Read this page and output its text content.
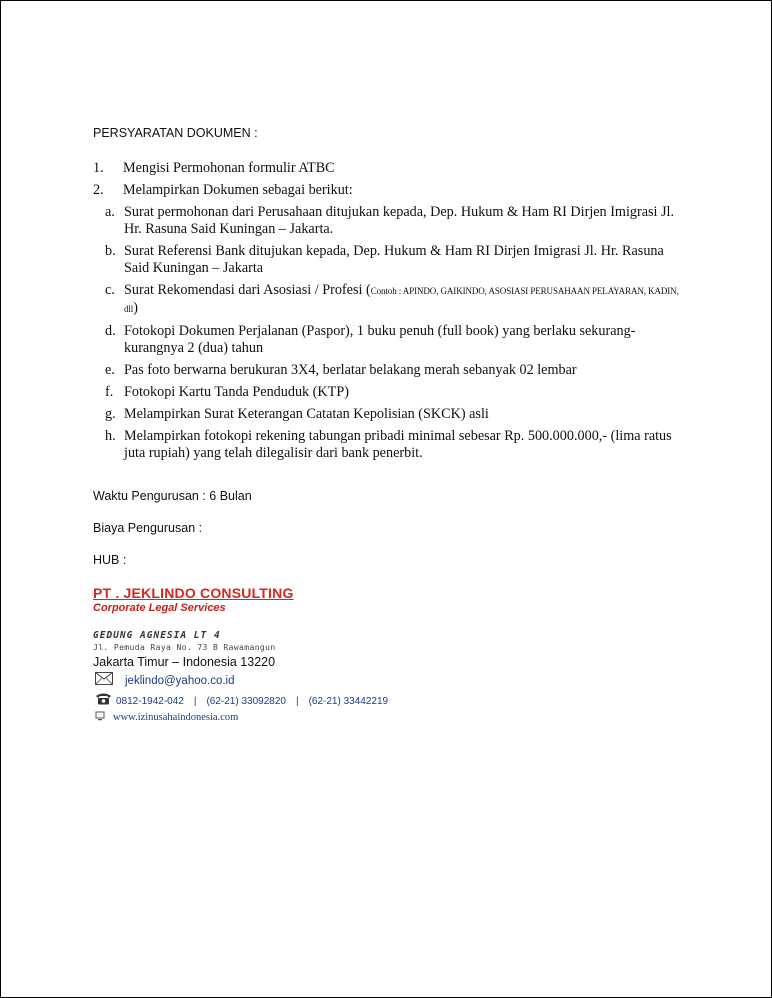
PERSYARATAN DOKUMEN :
1.	Mengisi Permohonan formulir ATBC
2.	Melampirkan Dokumen sebagai berikut:
a. Surat permohonan dari Perusahaan ditujukan kepada, Dep. Hukum & Ham RI Dirjen Imigrasi Jl. Hr. Rasuna Said Kuningan – Jakarta.
b. Surat Referensi Bank ditujukan kepada, Dep. Hukum & Ham RI Dirjen Imigrasi Jl. Hr. Rasuna Said Kuningan – Jakarta
c. Surat Rekomendasi dari Asosiasi / Profesi (Contoh : APINDO, GAIKINDO, ASOSIASI PERUSAHAAN PELAYARAN, KADIN, dll)
d. Fotokopi Dokumen Perjalanan (Paspor), 1 buku penuh (full book) yang berlaku sekurang-kurangnya 2 (dua) tahun
e. Pas foto berwarna berukuran 3X4, berlatar belakang merah sebanyak 02 lembar
f. Fotokopi Kartu Tanda Penduduk (KTP)
g. Melampirkan Surat Keterangan Catatan Kepolisian (SKCK) asli
h. Melampirkan fotokopi rekening tabungan pribadi minimal sebesar Rp. 500.000.000,- (lima ratus juta rupiah) yang telah dilegalisir dari bank penerbit.
Waktu Pengurusan : 6 Bulan
Biaya Pengurusan :
HUB :
PT . JEKLINDO CONSULTING
Corporate Legal Services
GEDUNG AGNESIA LT 4
Jl. Pemuda Raya No. 73 B Rawamangun
Jakarta Timur – Indonesia 13220
jeklindo@yahoo.co.id
0812-1942-042 | (62-21) 33092820 | (62-21) 33442219
www.izinusahaindonesia.com
